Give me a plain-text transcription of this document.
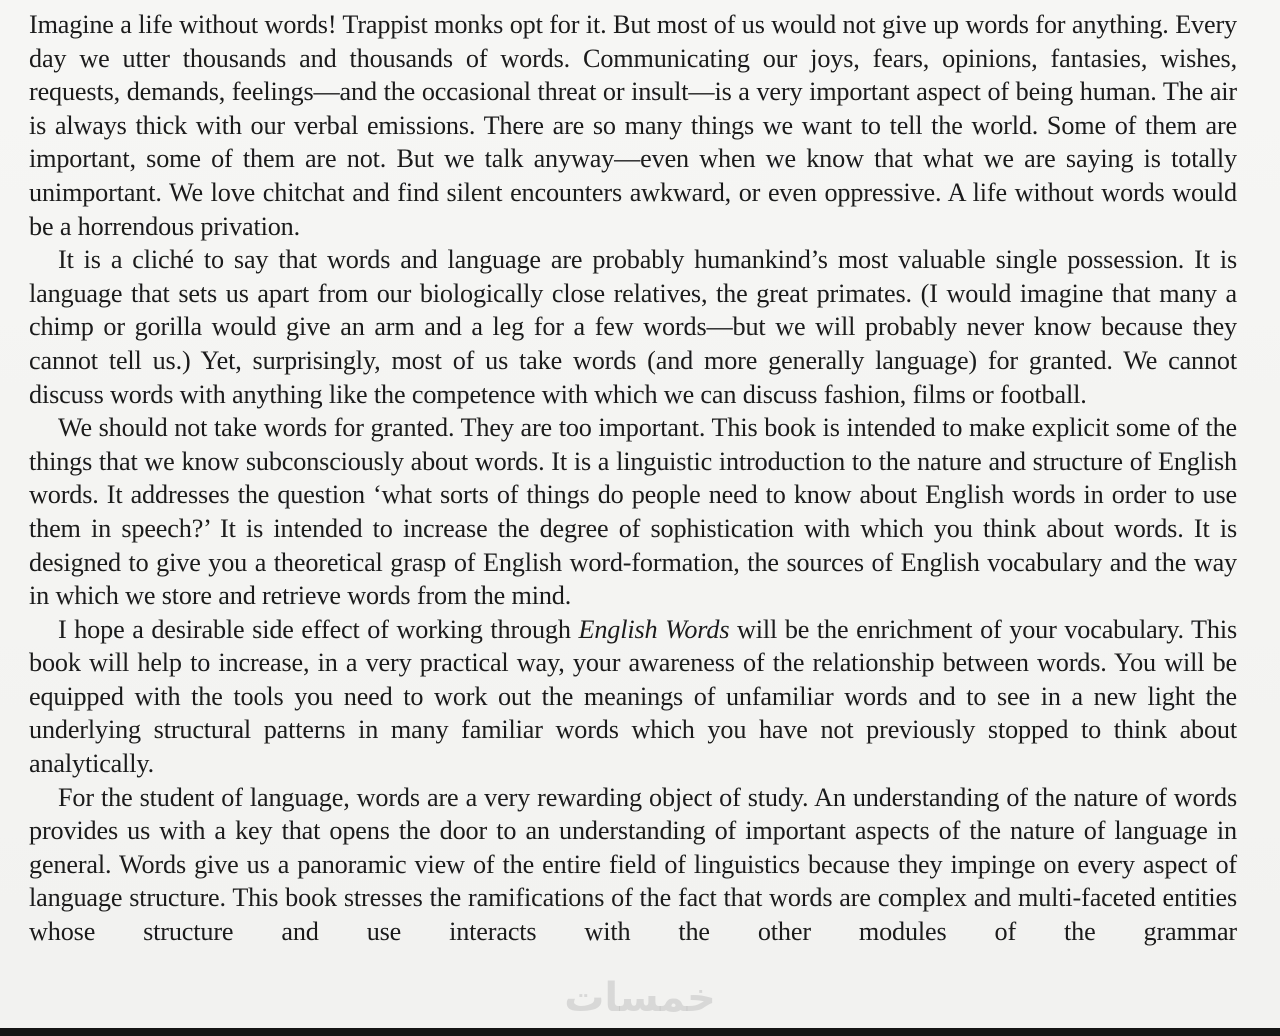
Imagine a life without words! Trappist monks opt for it. But most of us would not give up words for anything. Every day we utter thousands and thousands of words. Communicating our joys, fears, opinions, fantasies, wishes, requests, demands, feelings—and the occasional threat or insult—is a very important aspect of being human. The air is always thick with our verbal emissions. There are so many things we want to tell the world. Some of them are important, some of them are not. But we talk anyway—even when we know that what we are saying is totally unimportant. We love chitchat and find silent encounters awkward, or even oppressive. A life without words would be a horrendous privation.

It is a cliché to say that words and language are probably humankind’s most valuable single possession. It is language that sets us apart from our biologically close relatives, the great primates. (I would imagine that many a chimp or gorilla would give an arm and a leg for a few words—but we will probably never know because they cannot tell us.) Yet, surprisingly, most of us take words (and more generally language) for granted. We cannot discuss words with anything like the competence with which we can discuss fashion, films or football.

We should not take words for granted. They are too important. This book is intended to make explicit some of the things that we know subconsciously about words. It is a linguistic introduction to the nature and structure of English words. It addresses the question ‘what sorts of things do people need to know about English words in order to use them in speech?’ It is intended to increase the degree of sophistication with which you think about words. It is designed to give you a theoretical grasp of English word-formation, the sources of English vocabulary and the way in which we store and retrieve words from the mind.

I hope a desirable side effect of working through English Words will be the enrichment of your vocabulary. This book will help to increase, in a very practical way, your awareness of the relationship between words. You will be equipped with the tools you need to work out the meanings of unfamiliar words and to see in a new light the underlying structural patterns in many familiar words which you have not previously stopped to think about analytically.

For the student of language, words are a very rewarding object of study. An understanding of the nature of words provides us with a key that opens the door to an understanding of important aspects of the nature of language in general. Words give us a panoramic view of the entire field of linguistics because they impinge on every aspect of language structure. This book stresses the ramifications of the fact that words are complex and multi-faceted entities whose structure and use interacts with the other modules of the grammar

خمسات
